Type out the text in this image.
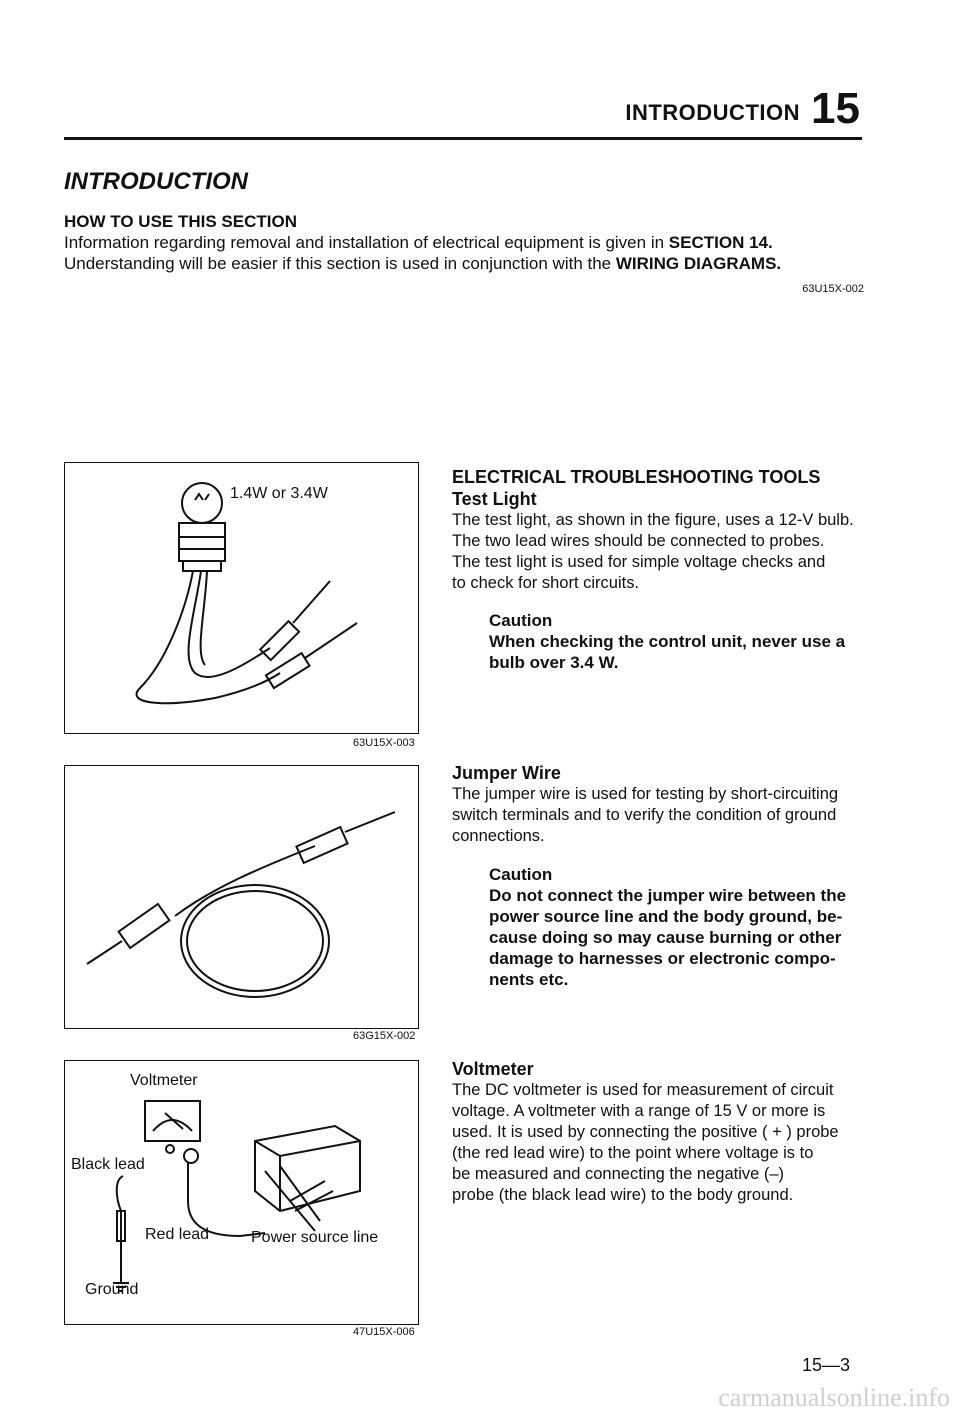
INTRODUCTION 15
INTRODUCTION
HOW TO USE THIS SECTION
Information regarding removal and installation of electrical equipment is given in SECTION 14.
Understanding will be easier if this section is used in conjunction with the WIRING DIAGRAMS.
63U15X-002
1.4W or 3.4W
63U15X-003
63G15X-002
Voltmeter
Black lead
Red lead	Power source line
Ground
47U15X-006
ELECTRICAL TROUBLESHOOTING TOOLS
Test Light
The test light, as shown in the figure, uses a 12-V bulb.
The two lead wires should be connected to probes.
The test light is used for simple voltage checks and
to check for short circuits.
Caution
When checking the control unit, never use a
bulb over 3.4 W.
Jumper Wire
The jumper wire is used for testing by short-circuiting
switch terminals and to verify the condition of ground
connections.
Caution
Do not connect the jumper wire between the
power source line and the body ground, be-
cause doing so may cause burning or other
damage to harnesses or electronic compo-
nents etc.
Voltmeter
The DC voltmeter is used for measurement of circuit
voltage. A voltmeter with a range of 15 V or more is
used. It is used by connecting the positive ( + ) probe
(the red lead wire) to the point where voltage is to
be measured and connecting the negative (–)
probe (the black lead wire) to the body ground.
15—3
carmanualsonline.info
